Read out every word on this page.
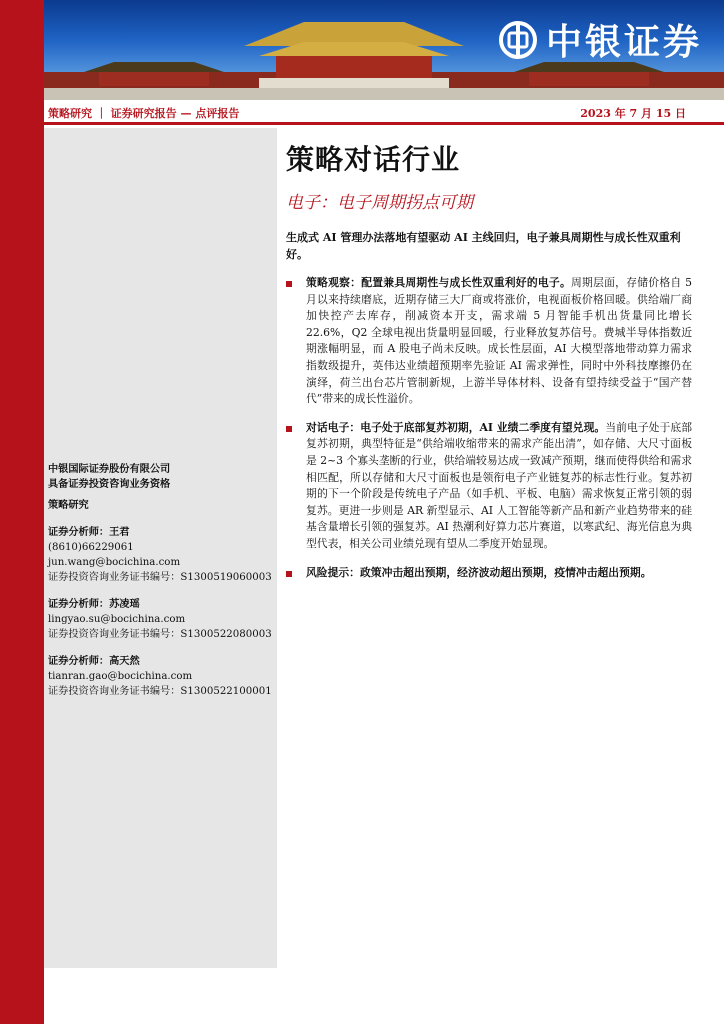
中银证券
策略研究 ｜ 证券研究报告 — 点评报告	2023 年 7 月 15 日
中银国际证券股份有限公司
具备证券投资咨询业务资格
策略研究
证券分析师：王君
(8610)66229061
jun.wang@bocichina.com
证券投资咨询业务证书编号：S1300519060003
证券分析师：苏凌瑶
lingyao.su@bocichina.com
证券投资咨询业务证书编号：S1300522080003
证券分析师：高天然
tianran.gao@bocichina.com
证券投资咨询业务证书编号：S1300522100001
策略对话行业
电子：电子周期拐点可期
生成式 AI 管理办法落地有望驱动 AI 主线回归，电子兼具周期性与成长性双重利好。
策略观察：配置兼具周期性与成长性双重利好的电子。周期层面，存储价格自 5 月以来持续磨底，近期存储三大厂商或将涨价，电视面板价格回暖。供给端厂商加快控产去库存，削减资本开支，需求端 5 月智能手机出货量同比增长 22.6%，Q2 全球电视出货量明显回暖，行业释放复苏信号。费城半导体指数近期涨幅明显，而 A 股电子尚未反映。成长性层面，AI 大模型落地带动算力需求指数级提升，英伟达业绩超预期率先验证 AI 需求弹性，同时中外科技摩擦仍在演绎，荷兰出台芯片管制新规，上游半导体材料、设备有望持续受益于“国产替代”带来的成长性溢价。
对话电子：电子处于底部复苏初期，AI 业绩二季度有望兑现。当前电子处于底部复苏初期，典型特征是“供给端收缩带来的需求产能出清”，如存储、大尺寸面板是 2~3 个寡头垄断的行业，供给端较易达成一致减产预期，继而使得供给和需求相匹配，所以存储和大尺寸面板也是领衔电子产业链复苏的标志性行业。复苏初期的下一个阶段是传统电子产品（如手机、平板、电脑）需求恢复正常引领的弱复苏。更进一步则是 AR 新型显示、AI 人工智能等新产品和新产业趋势带来的硅基含量增长引领的强复苏。AI 热潮利好算力芯片赛道，以寒武纪、海光信息为典型代表，相关公司业绩兑现有望从二季度开始显现。
风险提示：政策冲击超出预期，经济波动超出预期，疫情冲击超出预期。
